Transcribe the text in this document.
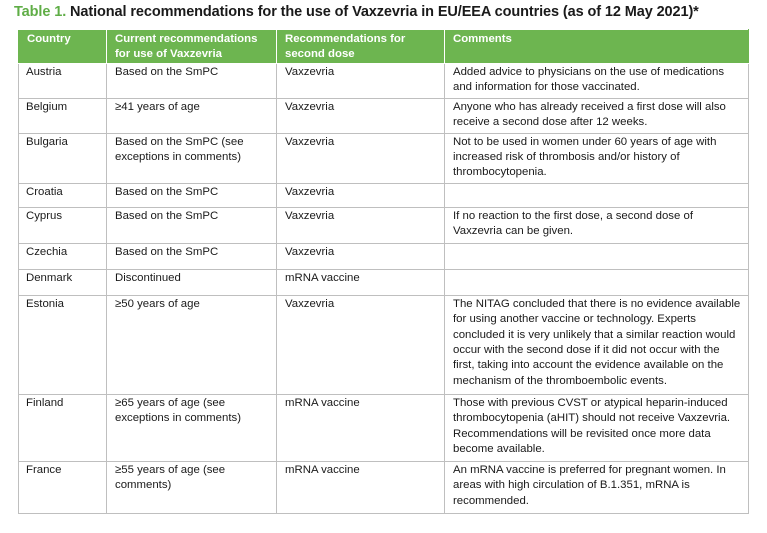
Table 1. National recommendations for the use of Vaxzevria in EU/EEA countries (as of 12 May 2021)*
Country	Current recommendations for use of Vaxzevria	Recommendations for second dose	Comments
Austria	Based on the SmPC	Vaxzevria	Added advice to physicians on the use of medications and information for those vaccinated.
Belgium	≥41 years of age	Vaxzevria	Anyone who has already received a first dose will also receive a second dose after 12 weeks.
Bulgaria	Based on the SmPC (see exceptions in comments)	Vaxzevria	Not to be used in women under 60 years of age with increased risk of thrombosis and/or history of thrombocytopenia.
Croatia	Based on the SmPC	Vaxzevria	
Cyprus	Based on the SmPC	Vaxzevria	If no reaction to the first dose, a second dose of Vaxzevria can be given.
Czechia	Based on the SmPC	Vaxzevria	
Denmark	Discontinued	mRNA vaccine	
Estonia	≥50 years of age	Vaxzevria	The NITAG concluded that there is no evidence available for using another vaccine or technology. Experts concluded it is very unlikely that a similar reaction would occur with the second dose if it did not occur with the first, taking into account the evidence available on the mechanism of the thromboembolic events.
Finland	≥65 years of age (see exceptions in comments)	mRNA vaccine	Those with previous CVST or atypical heparin-induced thrombocytopenia (aHIT) should not receive Vaxzevria. Recommendations will be revisited once more data become available.
France	≥55 years of age (see comments)	mRNA vaccine	An mRNA vaccine is preferred for pregnant women. In areas with high circulation of B.1.351, mRNA is recommended.
